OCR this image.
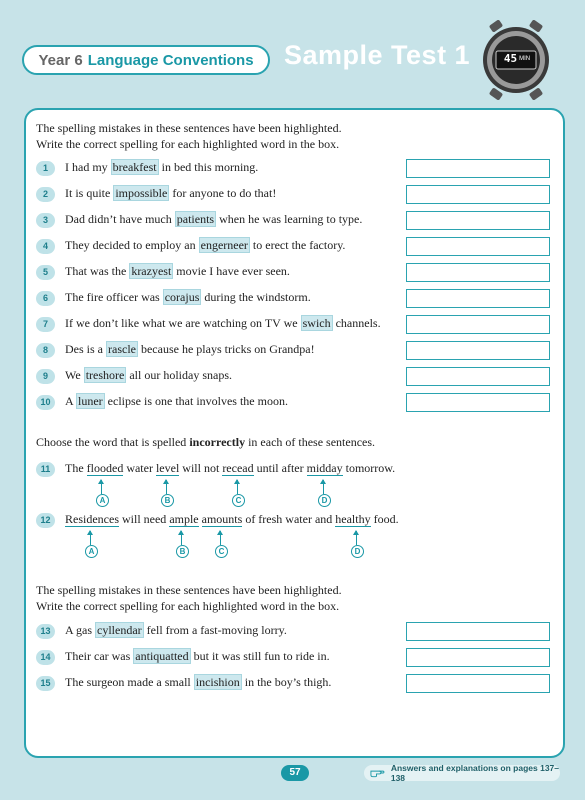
Year 6 Language Conventions Sample Test 1	45 MIN
The spelling mistakes in these sentences have been highlighted.
Write the correct spelling for each highlighted word in the box.
1	I had my breakfest in bed this morning.
2	It is quite impossible for anyone to do that!
3	Dad didn’t have much patients when he was learning to type.
4	They decided to employ an engerneer to erect the factory.
5	That was the krazyest movie I have ever seen.
6	The fire officer was corajus during the windstorm.
7	If we don’t like what we are watching on TV we swich channels.
8	Des is a rascle because he plays tricks on Grandpa!
9	We treshore all our holiday snaps.
10	A luner eclipse is one that involves the moon.
Choose the word that is spelled incorrectly in each of these sentences.
11	The flooded water level will not recead until after midday tomorrow.
A	B	C	D
12	Residences will need ample amounts of fresh water and healthy food.
A	B	C	D
The spelling mistakes in these sentences have been highlighted.
Write the correct spelling for each highlighted word in the box.
13	A gas cyllendar fell from a fast-moving lorry.
14	Their car was antiquatted but it was still fun to ride in.
15	The surgeon made a small incishion in the boy’s thigh.
57	Answers and explanations on pages 137–138
